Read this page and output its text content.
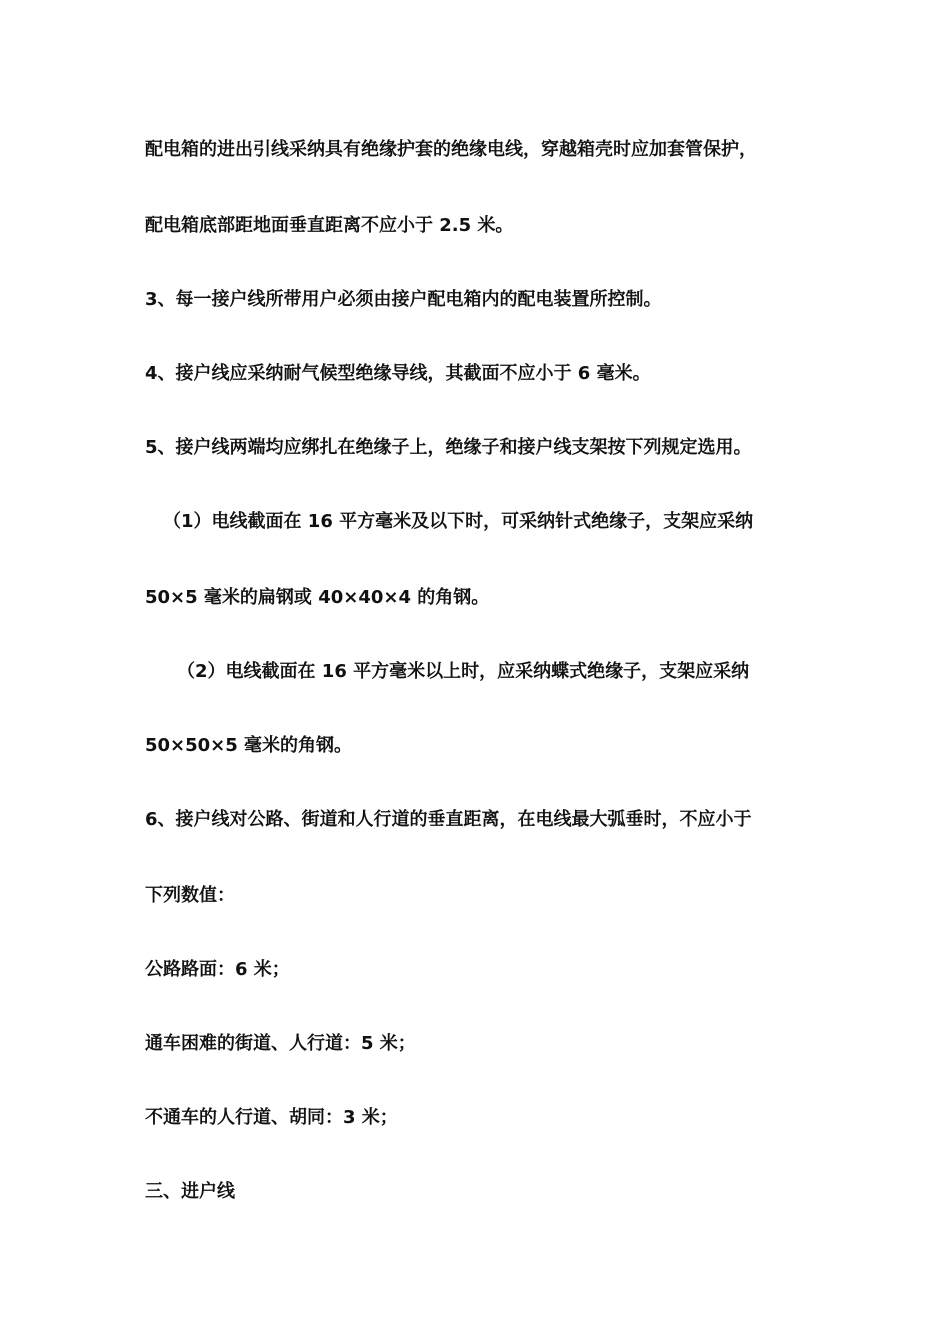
配电箱的进出引线采纳具有绝缘护套的绝缘电线，穿越箱壳时应加套管保护，
配电箱底部距地面垂直距离不应小于 2.5 米。
3、每一接户线所带用户必须由接户配电箱内的配电装置所控制。
4、接户线应采纳耐气候型绝缘导线，其截面不应小于 6 毫米。
5、接户线两端均应绑扎在绝缘子上，绝缘子和接户线支架按下列规定选用。
（1）电线截面在 16 平方毫米及以下时，可采纳针式绝缘子，支架应采纳
50×5 毫米的扁钢或 40×40×4 的角钢。
（2）电线截面在 16 平方毫米以上时，应采纳蝶式绝缘子，支架应采纳
50×50×5 毫米的角钢。
6、接户线对公路、街道和人行道的垂直距离，在电线最大弧垂时，不应小于
下列数值：
公路路面：6 米；
通车困难的街道、人行道：5 米；
不通车的人行道、胡同：3 米；
三、进户线
